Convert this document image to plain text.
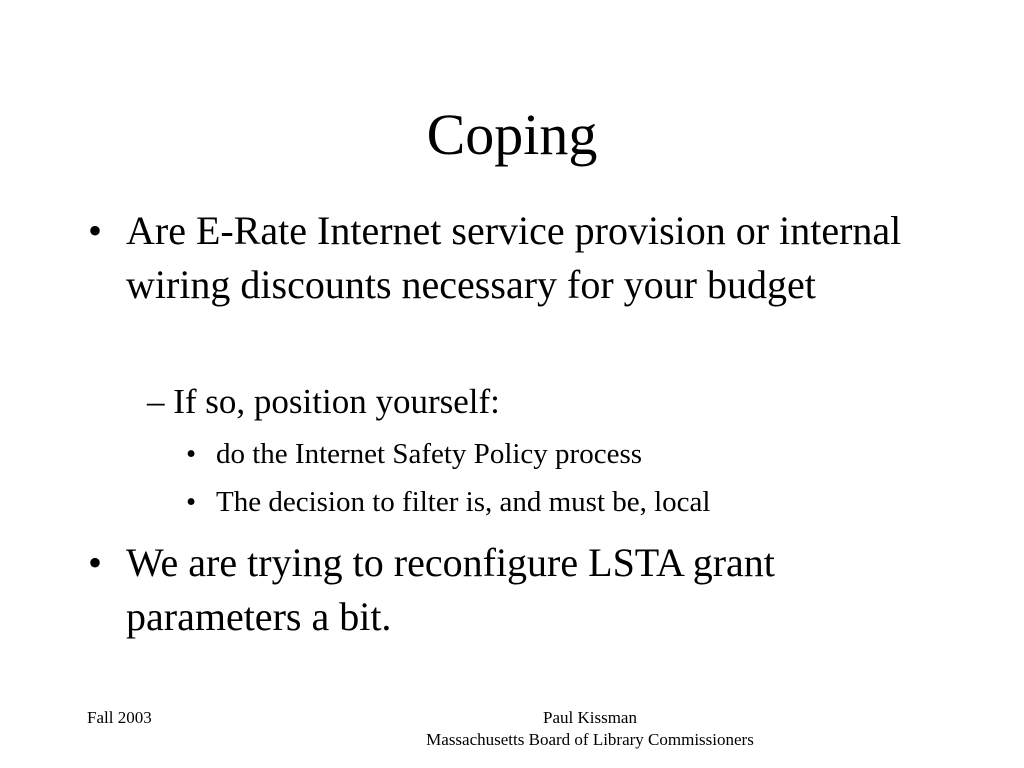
Coping
• Are E-Rate Internet service provision or internal wiring discounts necessary for your budget
– If so, position yourself:
• do the Internet Safety Policy process
• The decision to filter is, and must be, local
• We are trying to reconfigure LSTA grant parameters a bit.
Fall 2003	Paul Kissman
Massachusetts Board of Library Commissioners
